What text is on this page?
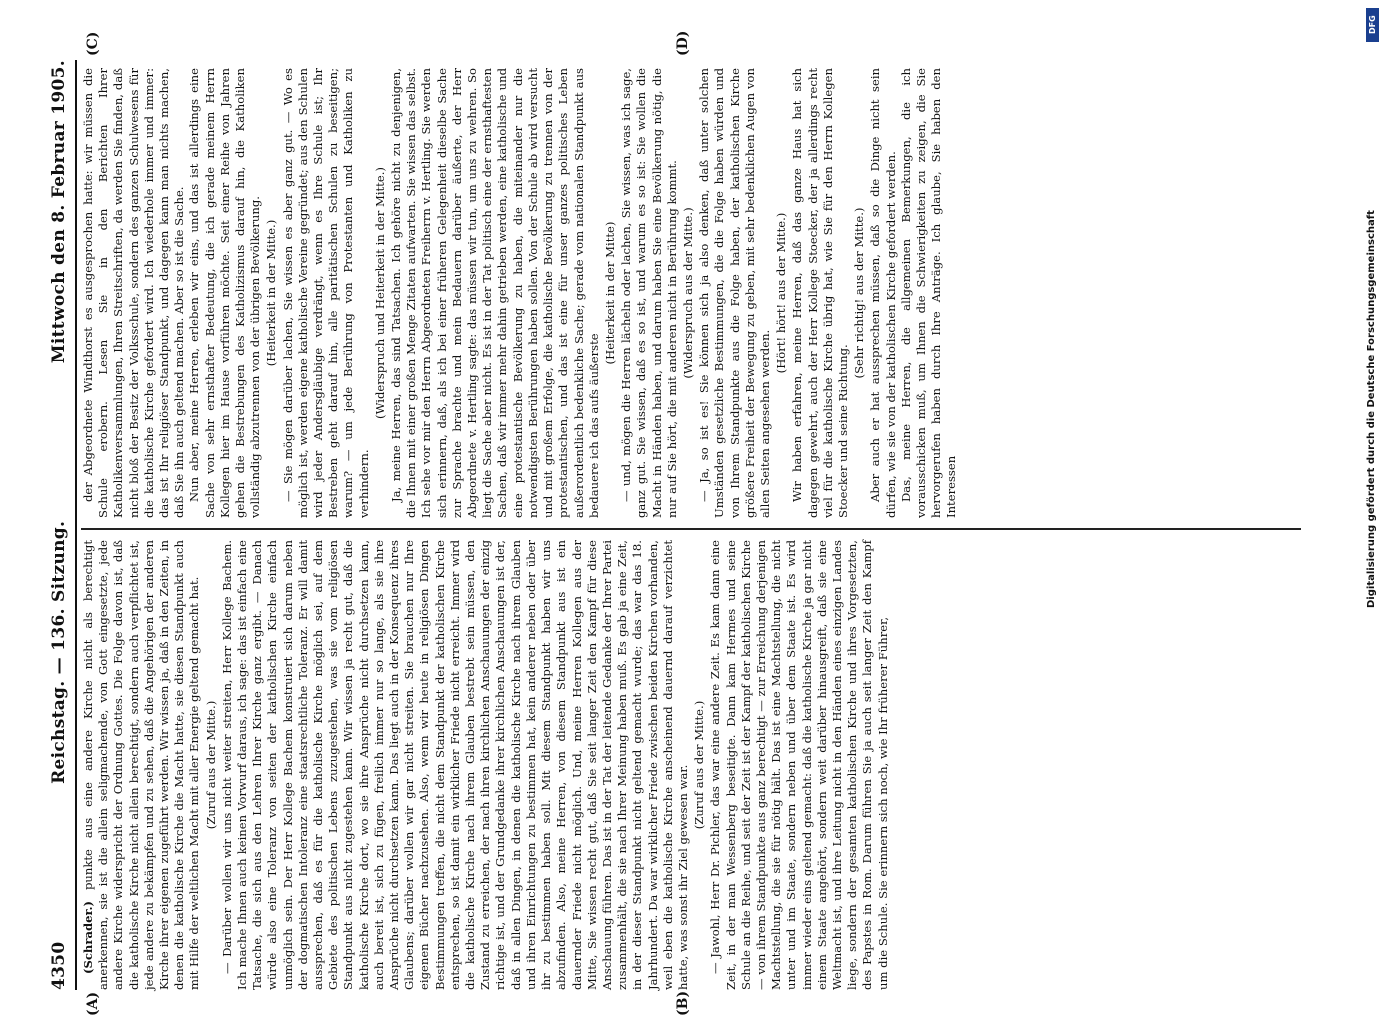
4350
Reichstag. — 136. Sitzung.
Mittwoch den 8. Februar 1905.
(A)	(B)
(C)	(D)

(Schrader.) punkte aus eine andere Kirche nicht als berechtigt anerkennen, sie ist die allein seligmachende, von Gott eingesetzte, jede andere Kirche widerspricht der Ordnung Gottes. Die Folge davon ist, daß die katholische Kirche nicht allein berechtigt, sondern auch verpflichtet ist, jede andere zu bekämpfen und zu sehen, daß die Angehörigen der anderen Kirche ihrer eigenen zugeführt werden. Wir wissen ja, daß in den Zeiten, in denen die katholische Kirche die Macht hatte, sie diesen Standpunkt auch mit Hilfe der weltlichen Macht mit aller Energie geltend gemacht hat. (Zuruf aus der Mitte.) — Darüber wollen wir uns nicht weiter streiten, Herr Kollege Bachem. Ich mache Ihnen auch keinen Vorwurf daraus, ich sage: das ist einfach eine Tatsache, die sich aus den Lehren Ihrer Kirche ganz ergibt. — Danach würde also eine Toleranz von seiten der katholischen Kirche einfach unmöglich sein. Der Herr Kollege Bachem konstruiert sich darum neben der dogmatischen Intoleranz eine staatsrechtliche Toleranz. Er will damit aussprechen, daß es für die katholische Kirche möglich sei, auf dem Gebiete des politischen Lebens zuzugestehen, was sie vom religiösen Standpunkt aus nicht zugestehen kann. Wir wissen ja recht gut, daß die katholische Kirche dort, wo sie ihre Ansprüche nicht durchsetzen kann, auch bereit ist, sich zu fügen, freilich immer nur so lange, als sie ihre Ansprüche nicht durchsetzen kann. Das liegt auch in der Konsequenz ihres Glaubens; darüber wollen wir gar nicht streiten. Sie brauchen nur Ihre eigenen Bücher nachzusehen. Also, wenn wir heute in religiösen Dingen Bestimmungen treffen, die nicht dem Standpunkt der katholischen Kirche entsprechen, so ist damit ein wirklicher Friede nicht erreicht. Immer wird die katholische Kirche nach ihrem Glauben bestrebt sein müssen, den Zustand zu erreichen, der nach ihren kirchlichen Anschauungen der einzig richtige ist, und der Grundgedanke ihrer kirchlichen Anschauungen ist der, daß in allen Dingen, in denen die katholische Kirche nach ihrem Glauben und ihren Einrichtungen zu bestimmen hat, kein anderer neben oder über ihr zu bestimmen haben soll. Mit diesem Standpunkt haben wir uns abzufinden. Also, meine Herren, von diesem Standpunkt aus ist ein dauernder Friede nicht möglich. Und, meine Herren Kollegen aus der Mitte, Sie wissen recht gut, daß Sie seit langer Zeit den Kampf für diese Anschauung führen. Das ist in der Tat der leitende Gedanke der Ihrer Partei zusammenhält, die sie nach Ihrer Meinung haben muß. Es gab ja eine Zeit, in der dieser Standpunkt nicht geltend gemacht wurde; das war das 18. Jahrhundert. Da war wirklicher Friede zwischen beiden Kirchen vorhanden, weil eben die katholische Kirche anscheinend dauernd darauf verzichtet hatte, was sonst ihr Ziel gewesen war. (Zuruf aus der Mitte.) — Jawohl, Herr Dr. Pichler, das war eine andere Zeit. Es kam dann eine Zeit, in der man Wessenberg beseitigte. Dann kam Hermes und seine Schule an die Reihe, und seit der Zeit ist der Kampf der katholischen Kirche — von ihrem Standpunkte aus ganz berechtigt — zur Erreichung derjenigen Machtstellung, die sie für nötig hält. Das ist eine Machtstellung, die nicht unter und im Staate, sondern neben und über dem Staate ist. Es wird immer wieder eins geltend gemacht: daß die katholische Kirche ja gar nicht einem Staate angehört, sondern weit darüber hinausgreift, daß sie eine Weltmacht ist, und ihre Leitung nicht in den Händen eines einzigen Landes liege, sondern der gesamten katholischen Kirche und ihres Vorgesetzten, des Papstes in Rom. Darum führen Sie ja auch seit langer Zeit den Kampf um die Schule. Sie erinnern sich noch, wie Ihr früherer Führer,

der Abgeordnete Windthorst es ausgesprochen hatte: wir müssen die Schule erobern. Lesen Sie in den Berichten Ihrer Katholikenversammlungen, Ihren Streitschriften, da werden Sie finden, daß nicht bloß der Besitz der Volksschule, sondern des ganzen Schulwesens für die katholische Kirche gefordert wird. Ich wiederhole immer und immer: das ist Ihr religiöser Standpunkt, und dagegen kann man nichts machen, daß Sie ihn auch geltend machen. Aber so ist die Sache. Nun aber, meine Herren, erleben wir eins, und das ist allerdings eine Sache von sehr ernsthafter Bedeutung, die ich gerade meinem Herrn Kollegen hier im Hause vorführen möchte. Seit einer Reihe von Jahren gehen die Bestrebungen des Katholizismus darauf hin, die Katholiken vollständig abzutrennen von der übrigen Bevölkerung. (Heiterkeit in der Mitte.) — Sie mögen darüber lachen, Sie wissen es aber ganz gut. — Wo es möglich ist, werden eigene katholische Vereine gegründet; aus den Schulen wird jeder Andersgläubige verdrängt, wenn es Ihre Schule ist; Ihr Bestreben geht darauf hin, alle paritätischen Schulen zu beseitigen; warum? — um jede Berührung von Protestanten und Katholiken zu verhindern.

(Widerspruch und Heiterkeit in der Mitte.) Ja, meine Herren, das sind Tatsachen. Ich gehöre nicht zu denjenigen, die Ihnen mit einer großen Menge Zitaten aufwarten. Sie wissen das selbst. Ich sehe vor mir den Herrn Abgeordneten Freiherrn v. Hertling. Sie werden sich erinnern, daß, als ich bei einer früheren Gelegenheit dieselbe Sache zur Sprache brachte und mein Bedauern darüber äußerte, der Herr Abgeordnete v. Hertling sagte: das müssen wir tun, um uns zu wehren. So liegt die Sache aber nicht. Es ist in der Tat politisch eine der ernsthaftesten Sachen, daß wir immer mehr dahin getrieben werden, eine katholische und eine protestantische Bevölkerung zu haben, die miteinander nur die notwendigsten Berührungen haben sollen. Von der Schule ab wird versucht und mit großem Erfolge, die katholische Bevölkerung zu trennen von der protestantischen, und das ist eine für unser ganzes politisches Leben außerordentlich bedenkliche Sache; gerade vom nationalen Standpunkt aus bedauere ich das aufs äußerste

(Heiterkeit in der Mitte) — und, mögen die Herren lächeln oder lachen, Sie wissen, was ich sage, ganz gut. Sie wissen, daß es so ist, und warum es so ist: Sie wollen die Macht in Händen haben, und darum haben Sie eine Bevölkerung nötig, die nur auf Sie hört, die mit anderen nicht in Berührung kommt. (Widerspruch aus der Mitte.) — Ja, so ist es! Sie können sich ja also denken, daß unter solchen Umständen gesetzliche Bestimmungen, die die Folge haben würden und von Ihrem Standpunkte aus die Folge haben, der katholischen Kirche größere Freiheit der Bewegung zu geben, mit sehr bedenklichen Augen von allen Seiten angesehen werden.

(Hört! hört! aus der Mitte.) Wir haben erfahren, meine Herren, daß das ganze Haus hat sich dagegen gewehrt, auch der Herr Kollege Stoecker, der ja allerdings recht viel für die katholische Kirche übrig hat, wie Sie für den Herrn Kollegen Stoecker und seine Richtung.

(Sehr richtig! aus der Mitte.) Aber auch er hat aussprechen müssen, daß so die Dinge nicht sein dürfen, wie sie von der katholischen Kirche gefordert werden. Das, meine Herren, die allgemeinen Bemerkungen, die ich vorausschicken muß, um Ihnen die Schwierigkeiten zu zeigen, die Sie hervorgerufen haben durch Ihre Anträge. Ich glaube, Sie haben den Interessen

DFG
Digitalisierung gefördert durch die Deutsche Forschungsgemeinschaft
